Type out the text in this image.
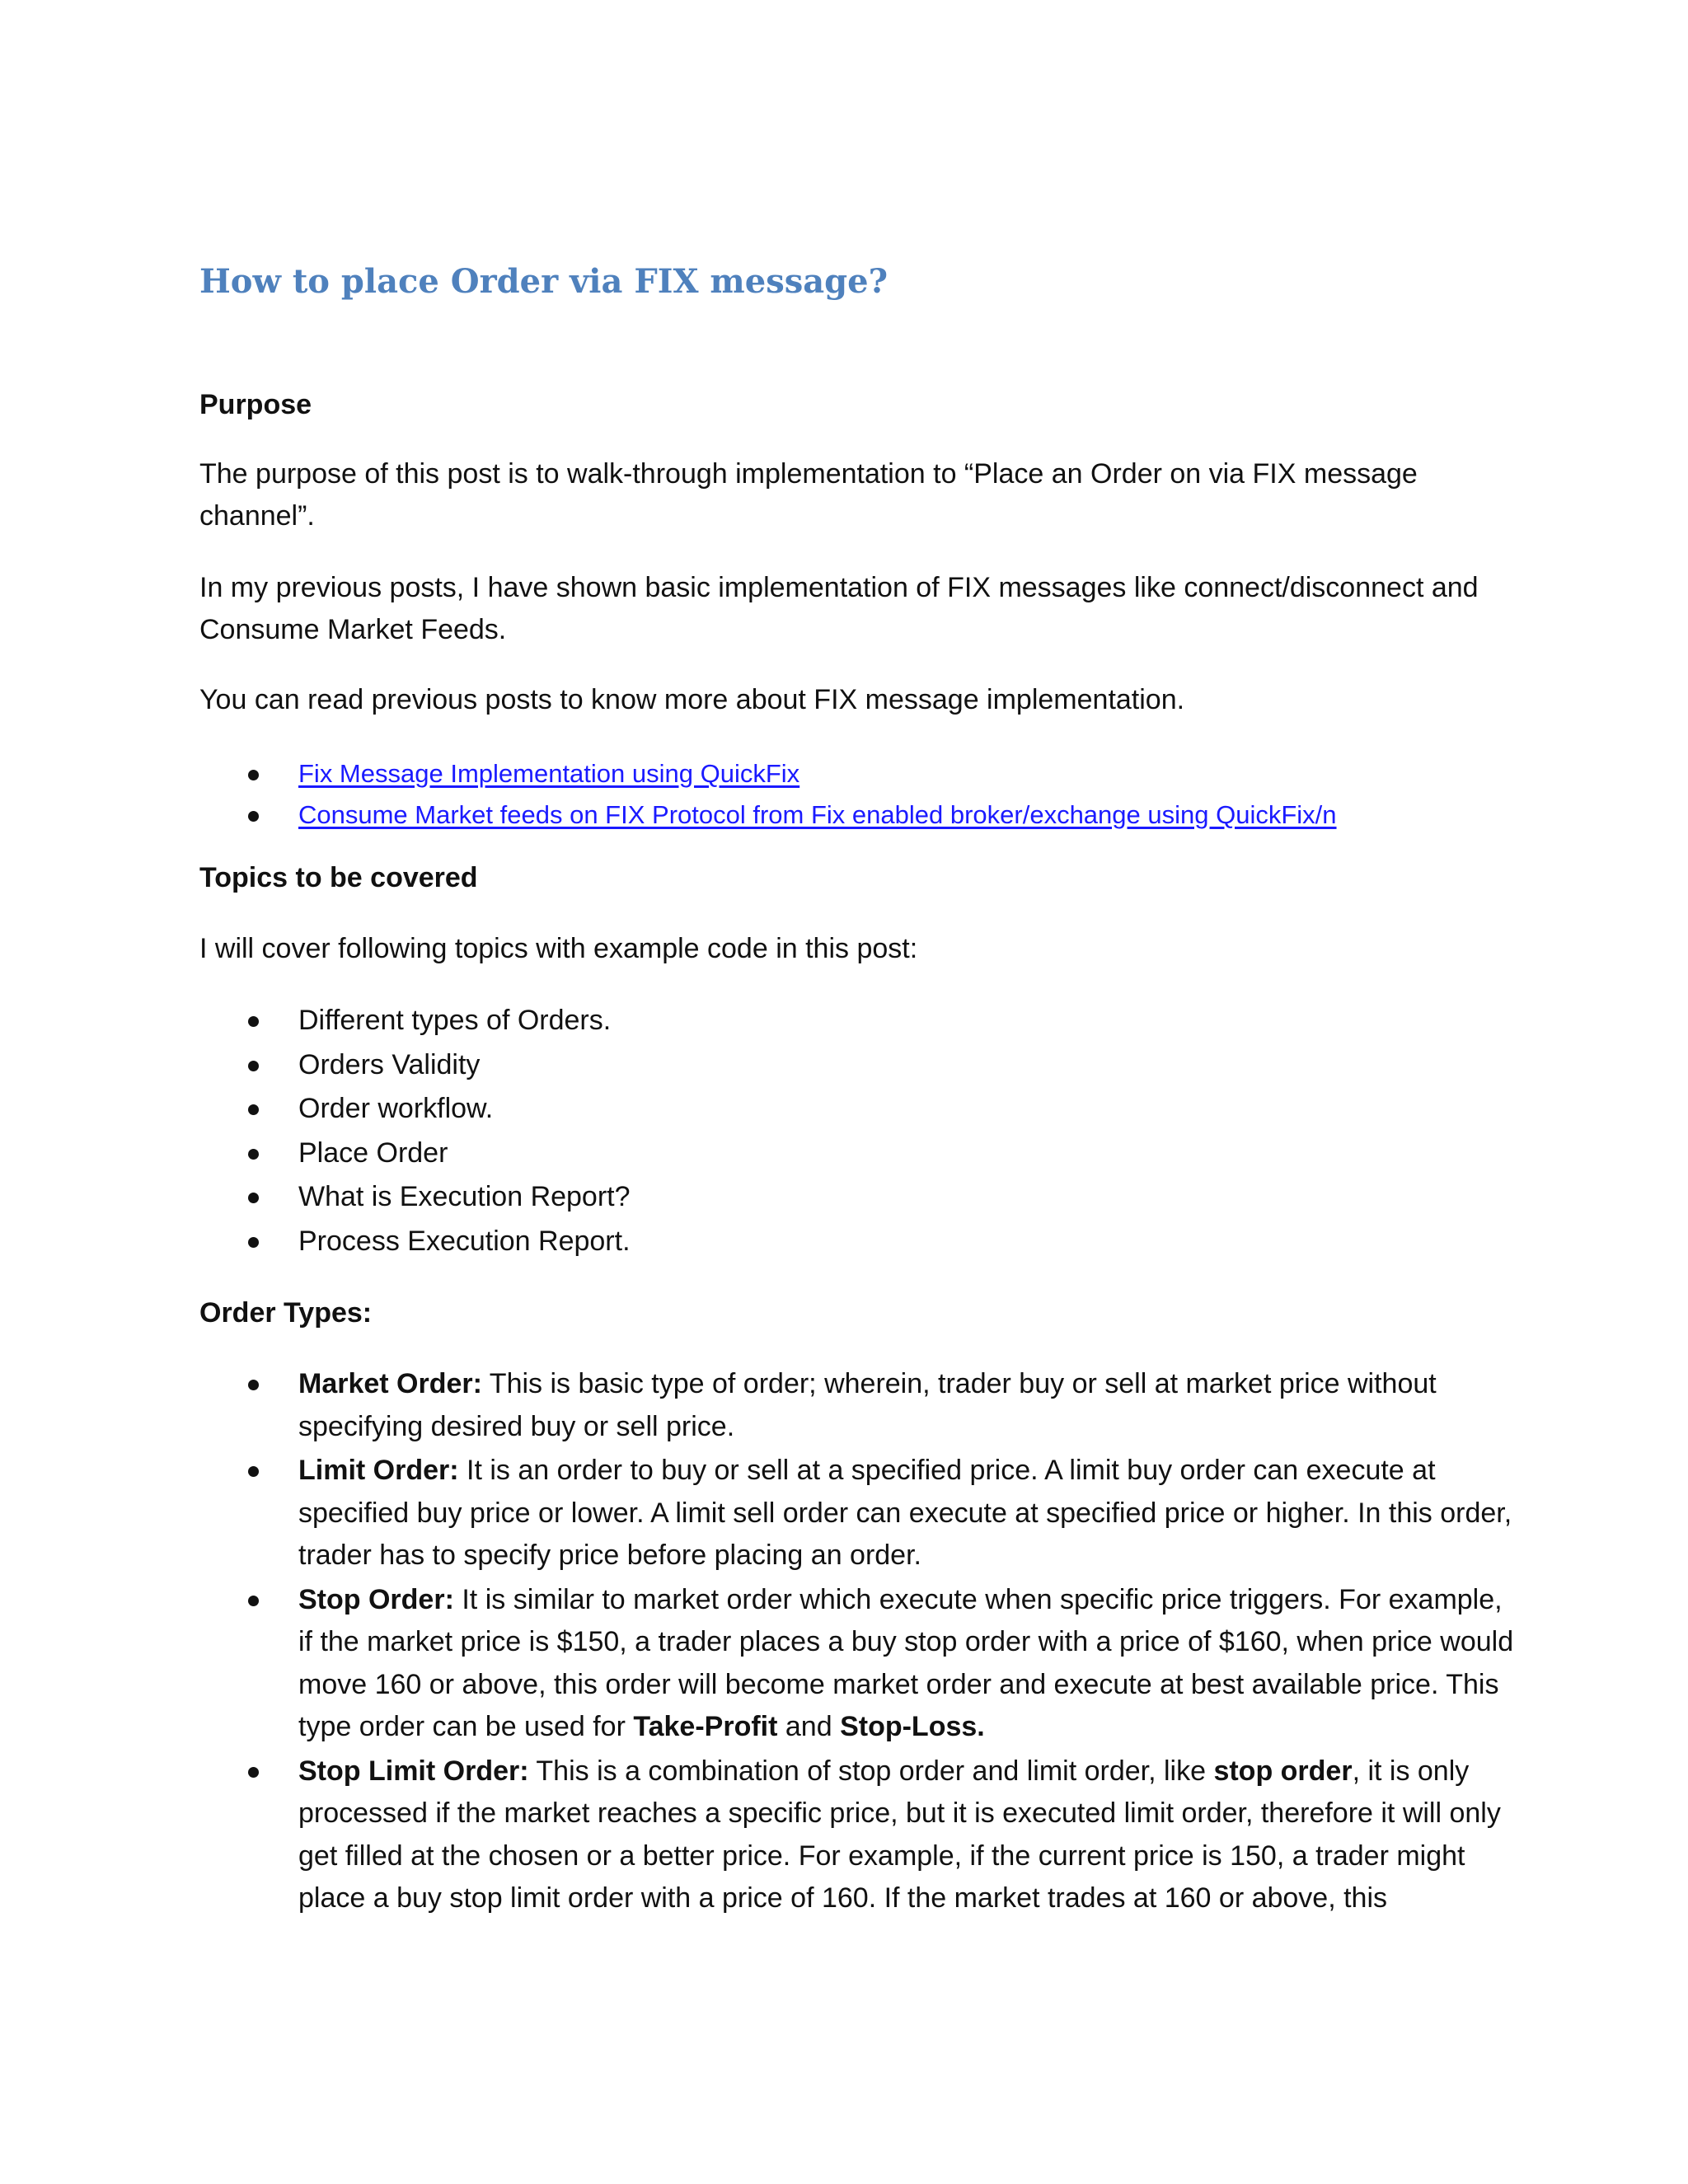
How to place Order via FIX message?
Purpose

The purpose of this post is to walk-through implementation to “Place an Order on via FIX message channel”.

In my previous posts, I have shown basic implementation of FIX messages like connect/disconnect and Consume Market Feeds.

You can read previous posts to know more about FIX message implementation.

Fix Message Implementation using QuickFix
Consume Market feeds on FIX Protocol from Fix enabled broker/exchange using QuickFix/n
Topics to be covered

I will cover following topics with example code in this post:

Different types of Orders.
Orders Validity
Order workflow.
Place Order
What is Execution Report?
Process Execution Report.
Order Types:
Market Order: This is basic type of order; wherein, trader buy or sell at market price without specifying desired buy or sell price.
Limit Order: It is an order to buy or sell at a specified price. A limit buy order can execute at specified buy price or lower. A limit sell order can execute at specified price or higher. In this order, trader has to specify price before placing an order.
Stop Order: It is similar to market order which execute when specific price triggers. For example, if the market price is $150, a trader places a buy stop order with a price of $160, when price would move 160 or above, this order will become market order and execute at best available price. This type order can be used for Take-Profit and Stop-Loss.
Stop Limit Order: This is a combination of stop order and limit order, like stop order, it is only processed if the market reaches a specific price, but it is executed limit order, therefore it will only get filled at the chosen or a better price. For example, if the current price is 150, a trader might place a buy stop limit order with a price of 160. If the market trades at 160 or above, this
